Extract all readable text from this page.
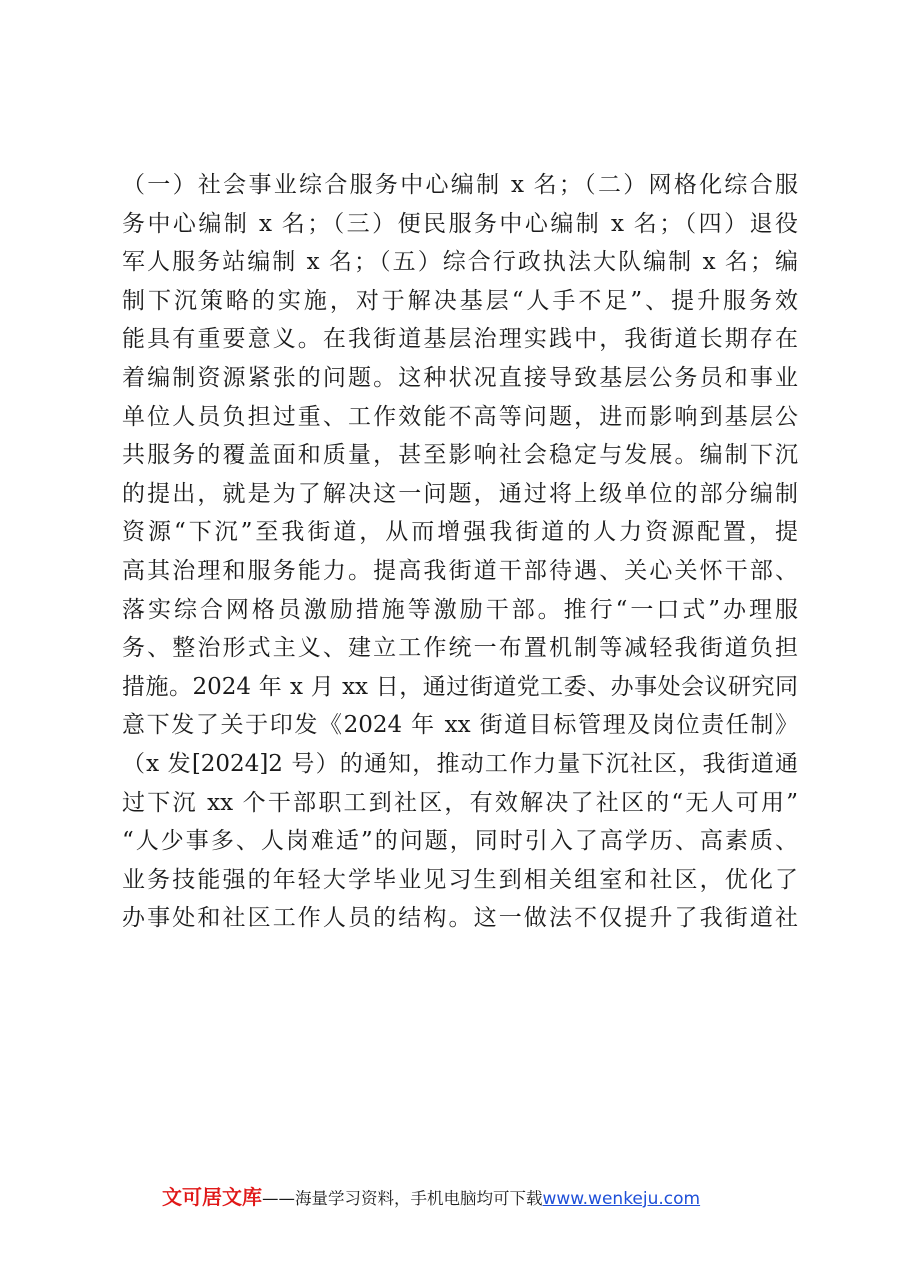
（一）社会事业综合服务中心编制 x 名；（二）网格化综合服
务中心编制 x 名；（三）便民服务中心编制 x 名；（四）退役
军人服务站编制 x 名；（五）综合行政执法大队编制 x 名；编
制下沉策略的实施，对于解决基层“人手不足”、提升服务效
能具有重要意义。在我街道基层治理实践中，我街道长期存在
着编制资源紧张的问题。这种状况直接导致基层公务员和事业
单位人员负担过重、工作效能不高等问题，进而影响到基层公
共服务的覆盖面和质量，甚至影响社会稳定与发展。编制下沉
的提出，就是为了解决这一问题，通过将上级单位的部分编制
资源“下沉”至我街道，从而增强我街道的人力资源配置，提
高其治理和服务能力。提高我街道干部待遇、关心关怀干部、
落实综合网格员激励措施等激励干部。推行“一口式”办理服
务、整治形式主义、建立工作统一布置机制等减轻我街道负担
措施。2024 年 x 月 xx 日，通过街道党工委、办事处会议研究同
意下发了关于印发《2024 年 xx 街道目标管理及岗位责任制》
（x 发[2024]2 号）的通知，推动工作力量下沉社区，我街道通
过下沉 xx 个干部职工到社区，有效解决了社区的“无人可用”
“人少事多、人岗难适”的问题，同时引入了高学历、高素质、
业务技能强的年轻大学毕业见习生到相关组室和社区，优化了
办事处和社区工作人员的结构。这一做法不仅提升了我街道社
文可居文库——海量学习资料，手机电脑均可下载www.wenkeju.com
